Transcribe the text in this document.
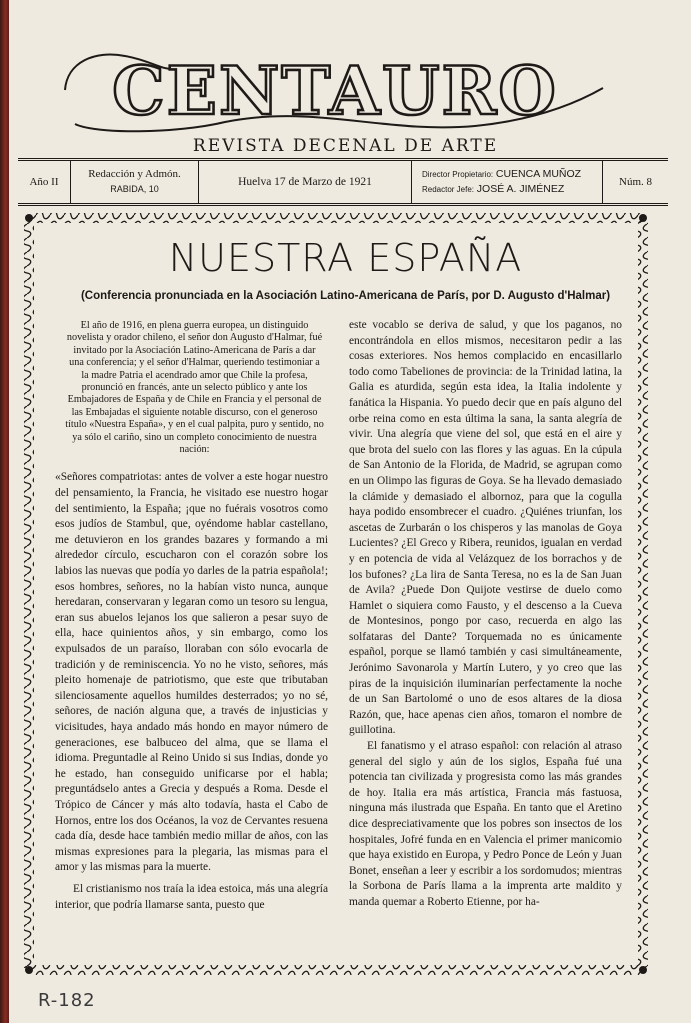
CENTAURO
REVISTA DECENAL DE ARTE
Año II
Redacción y Admón.
RABIDA, 10
Huelva 17 de Marzo de 1921
Director Propietario: CUENCA MUÑOZ
Redactor Jefe: JOSÉ A. JIMÉNEZ
Núm. 8
NUESTRA ESPAÑA
(Conferencia pronunciada en la Asociación Latino-Americana de París, por D. Augusto d'Halmar)

El año de 1916, en plena guerra europea, un distinguido novelista y orador chileno, el señor don Augusto d'Halmar, fué invitado por la Asociación Latino-Americana de París a dar una conferencia; y el señor d'Halmar, queriendo testimoniar a la madre Patria el acendrado amor que Chile la profesa, pronunció en francés, ante un selecto público y ante los Embajadores de España y de Chile en Francia y el personal de las Embajadas el siguiente notable discurso, con el generoso título «Nuestra España», y en el cual palpita, puro y sentido, no ya sólo el cariño, sino un completo conocimiento de nuestra nación:

«Señores compatriotas: antes de volver a este hogar nuestro del pensamiento, la Francia, he visitado ese nuestro hogar del sentimiento, la España; ¡que no fuérais vosotros como esos judíos de Stambul, que, oyéndome hablar castellano, me detuvieron en los grandes bazares y formando a mi alrededor círculo, escucharon con el corazón sobre los labios las nuevas que podía yo darles de la patria española!; esos hombres, señores, no la habían visto nunca, aunque heredaran, conservaran y legaran como un tesoro su lengua, eran sus abuelos lejanos los que salieron a pesar suyo de ella, hace quinientos años, y sin embargo, como los expulsados de un paraíso, lloraban con sólo evocarla de tradición y de reminiscencia. Yo no he visto, señores, más pleito homenaje de patriotismo, que este que tributaban silenciosamente aquellos humildes desterrados; yo no sé, señores, de nación alguna que, a través de injusticias y vicisitudes, haya andado más hondo en mayor número de generaciones, ese balbuceo del alma, que se llama el idioma. Preguntadle al Reino Unido si sus Indias, donde yo he estado, han conseguido unificarse por el habla; preguntádselo antes a Grecia y después a Roma. Desde el Trópico de Cáncer y más alto todavía, hasta el Cabo de Hornos, entre los dos Océanos, la voz de Cervantes resuena cada día, desde hace también medio millar de años, con las mismas expresiones para la plegaria, las mismas para el amor y las mismas para la muerte.

El cristianismo nos traía la idea estoica, más una alegría interior, que podría llamarse santa, puesto que

este vocablo se deriva de salud, y que los paganos, no encontrándola en ellos mismos, necesitaron pedir a las cosas exteriores. Nos hemos complacido en encasillarlo todo como Tabeliones de provincia: de la Trinidad latina, la Galia es aturdida, según esta idea, la Italia indolente y fanática la Hispania. Yo puedo decir que en país alguno del orbe reina como en esta última la sana, la santa alegría de vivir. Una alegría que viene del sol, que está en el aire y que brota del suelo con las flores y las aguas. En la cúpula de San Antonio de la Florida, de Madrid, se agrupan como en un Olimpo las figuras de Goya. Se ha llevado demasiado la clámide y demasiado el albornoz, para que la cogulla haya podido ensombrecer el cuadro. ¿Quiénes triunfan, los ascetas de Zurbarán o los chisperos y las manolas de Goya Lucientes? ¿El Greco y Ribera, reunidos, igualan en verdad y en potencia de vida al Velázquez de los borrachos y de los bufones? ¿La lira de Santa Teresa, no es la de San Juan de Avila? ¿Puede Don Quijote vestirse de duelo como Hamlet o siquiera como Fausto, y el descenso a la Cueva de Montesinos, pongo por caso, recuerda en algo las solfataras del Dante? Torquemada no es únicamente español, porque se llamó también y casi simultáneamente, Jerónimo Savonarola y Martín Lutero, y yo creo que las piras de la inquisición iluminarían perfectamente la noche de un San Bartolomé o uno de esos altares de la diosa Razón, que, hace apenas cien años, tomaron el nombre de guillotina.

El fanatismo y el atraso español: con relación al atraso general del siglo y aún de los siglos, España fué una potencia tan civilizada y progresista como las más grandes de hoy. Italia era más artística, Francia más fastuosa, ninguna más ilustrada que España. En tanto que el Aretino dice despreciativamente que los pobres son insectos de los hospitales, Jofré funda en en Valencia el primer manicomio que haya existido en Europa, y Pedro Ponce de León y Juan Bonet, enseñan a leer y escribir a los sordomudos; mientras la Sorbona de París llama a la imprenta arte maldito y manda quemar a Roberto Etienne, por ha-

R-182
